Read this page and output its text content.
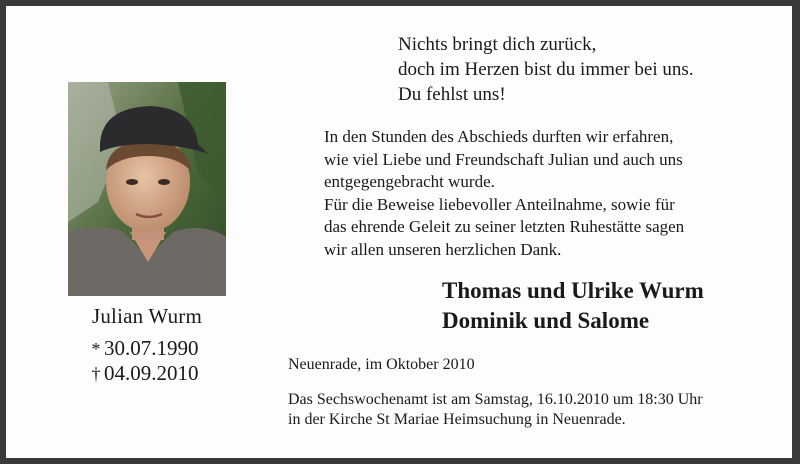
Julian Wurm
* 30.07.1990
† 04.09.2010
Nichts bringt dich zurück,
doch im Herzen bist du immer bei uns.
Du fehlst uns!
In den Stunden des Abschieds durften wir erfahren,
wie viel Liebe und Freundschaft Julian und auch uns
entgegengebracht wurde.
Für die Beweise liebevoller Anteilnahme, sowie für
das ehrende Geleit zu seiner letzten Ruhestätte sagen
wir allen unseren herzlichen Dank.
Thomas und Ulrike Wurm
Dominik und Salome
Neuenrade, im Oktober 2010
Das Sechswochenamt ist am Samstag, 16.10.2010 um 18:30 Uhr
in der Kirche St Mariae Heimsuchung in Neuenrade.
